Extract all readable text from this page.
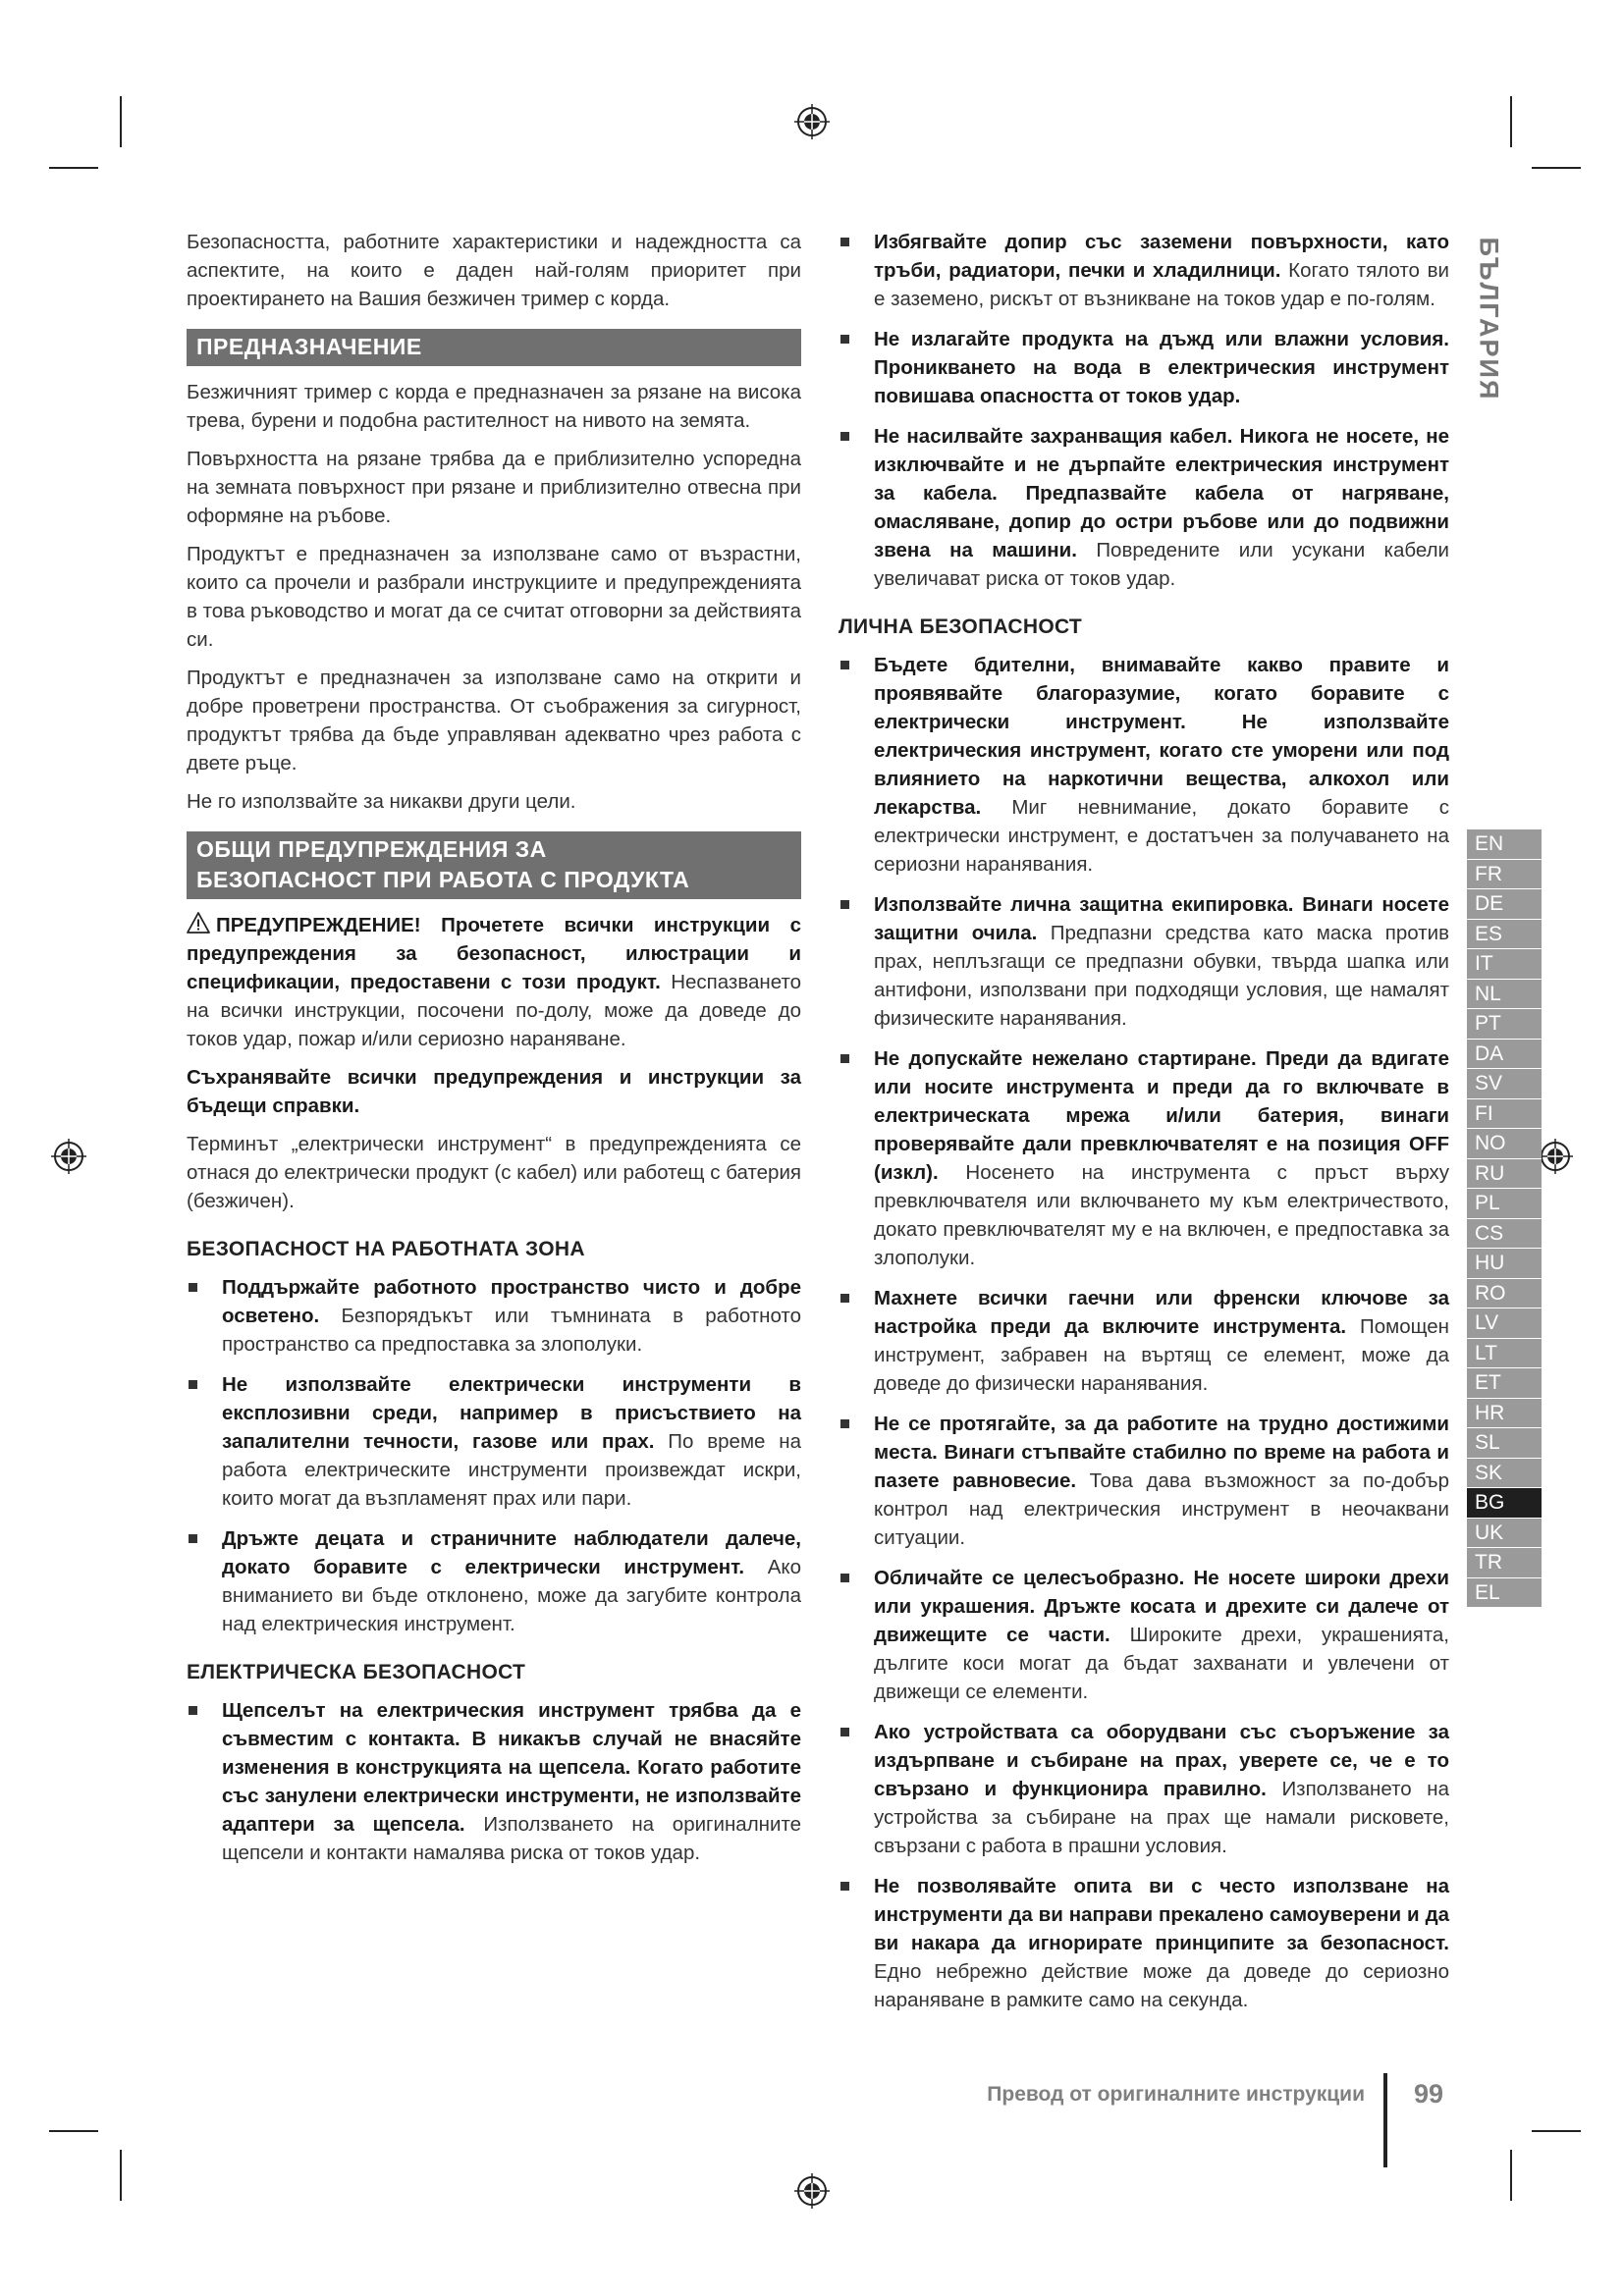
Безопасността, работните характеристики и надеждността са аспектите, на които е даден най-голям приоритет при проектирането на Вашия безжичен тример с корда.

ПРЕДНАЗНАЧЕНИЕ

Безжичният тример с корда е предназначен за рязане на висока трева, бурени и подобна растителност на нивото на земята.

Повърхността на рязане трябва да е приблизително успоредна на земната повърхност при рязане и приблизително отвесна при оформяне на ръбове.

Продуктът е предназначен за използване само от възрастни, които са прочели и разбрали инструкциите и предупрежденията в това ръководство и могат да се считат отговорни за действията си.

Продуктът е предназначен за използване само на открити и добре проветрени пространства. От съображения за сигурност, продуктът трябва да бъде управляван адекватно чрез работа с двете ръце.

Не го използвайте за никакви други цели.

ОБЩИ ПРЕДУПРЕЖДЕНИЯ ЗА
БЕЗОПАСНОСТ ПРИ РАБОТА С ПРОДУКТА

ПРЕДУПРЕЖДЕНИЕ! Прочетете всички инструкции с предупреждения за безопасност, илюстрации и спецификации, предоставени с този продукт. Неспазването на всички инструкции, посочени по-долу, може да доведе до токов удар, пожар и/или сериозно нараняване.

Съхранявайте всички предупреждения и инструкции за бъдещи справки.

Терминът „електрически инструмент“ в предупрежденията се отнася до електрически продукт (с кабел) или работещ с батерия (безжичен).

БЕЗОПАСНОСТ НА РАБОТНАТА ЗОНА
Поддържайте работното пространство чисто и добре осветено. Безпорядъкът или тъмнината в работното пространство са предпоставка за злополуки.
Не използвайте електрически инструменти в експлозивни среди, например в присъствието на запалителни течности, газове или прах. По време на работа електрическите инструменти произвеждат искри, които могат да възпламенят прах или пари.
Дръжте децата и страничните наблюдатели далече, докато боравите с електрически инструмент. Ако вниманието ви бъде отклонено, може да загубите контрола над електрическия инструмент.
ЕЛЕКТРИЧЕСКА БЕЗОПАСНОСТ
Щепселът на електрическия инструмент трябва да е съвместим с контакта. В никакъв случай не внасяйте изменения в конструкцията на щепсела. Когато работите със занулени електрически инструменти, не използвайте адаптери за щепсела. Използването на оригиналните щепсели и контакти намалява риска от токов удар.
Избягвайте допир със заземени повърхности, като тръби, радиатори, печки и хладилници. Когато тялото ви е заземено, рискът от възникване на токов удар е по-голям.
Не излагайте продукта на дъжд или влажни условия. Проникването на вода в електрическия инструмент повишава опасността от токов удар.
Не насилвайте захранващия кабел. Никога не носете, не изключвайте и не дърпайте електрическия инструмент за кабела. Предпазвайте кабела от нагряване, омасляване, допир до остри ръбове или до подвижни звена на машини. Повредените или усукани кабели увеличават риска от токов удар.
ЛИЧНА БЕЗОПАСНОСТ
Бъдете бдителни, внимавайте какво правите и проявявайте благоразумие, когато боравите с електрически инструмент. Не използвайте електрическия инструмент, когато сте уморени или под влиянието на наркотични вещества, алкохол или лекарства. Миг невнимание, докато боравите с електрически инструмент, е достатъчен за получаването на сериозни наранявания.
Използвайте лична защитна екипировка. Винаги носете защитни очила. Предпазни средства като маска против прах, неплъзгащи се предпазни обувки, твърда шапка или антифони, използвани при подходящи условия, ще намалят физическите наранявания.
Не допускайте нежелано стартиране. Преди да вдигате или носите инструмента и преди да го включвате в електрическата мрежа и/или батерия, винаги проверявайте дали превключвателят е на позиция OFF (изкл). Носенето на инструмента с пръст върху превключвателя или включването му към електричеството, докато превключвателят му е на включен, е предпоставка за злополуки.
Махнете всички гаечни или френски ключове за настройка преди да включите инструмента. Помощен инструмент, забравен на въртящ се елемент, може да доведе до физически наранявания.
Не се протягайте, за да работите на трудно достижими места. Винаги стъпвайте стабилно по време на работа и пазете равновесие. Това дава възможност за по-добър контрол над електрическия инструмент в неочаквани ситуации.
Обличайте се целесъобразно. Не носете широки дрехи или украшения. Дръжте косата и дрехите си далече от движещите се части. Широките дрехи, украшенията, дългите коси могат да бъдат захванати и увлечени от движещи се елементи.
Ако устройствата са оборудвани със съоръжение за издърпване и събиране на прах, уверете се, че е то свързано и функционира правилно. Използването на устройства за събиране на прах ще намали рисковете, свързани с работа в прашни условия.
Не позволявайте опита ви с често използване на инструменти да ви направи прекалено самоуверени и да ви накара да игнорирате принципите за безопасност. Едно небрежно действие може да доведе до сериозно нараняване в рамките само на секунда.
БЪЛГАРИЯ
EN
FR
DE
ES
IT
NL
PT
DA
SV
FI
NO
RU
PL
CS
HU
RO
LV
LT
ET
HR
SL
SK
BG
UK
TR
EL
Превод от оригиналните инструкции 99
